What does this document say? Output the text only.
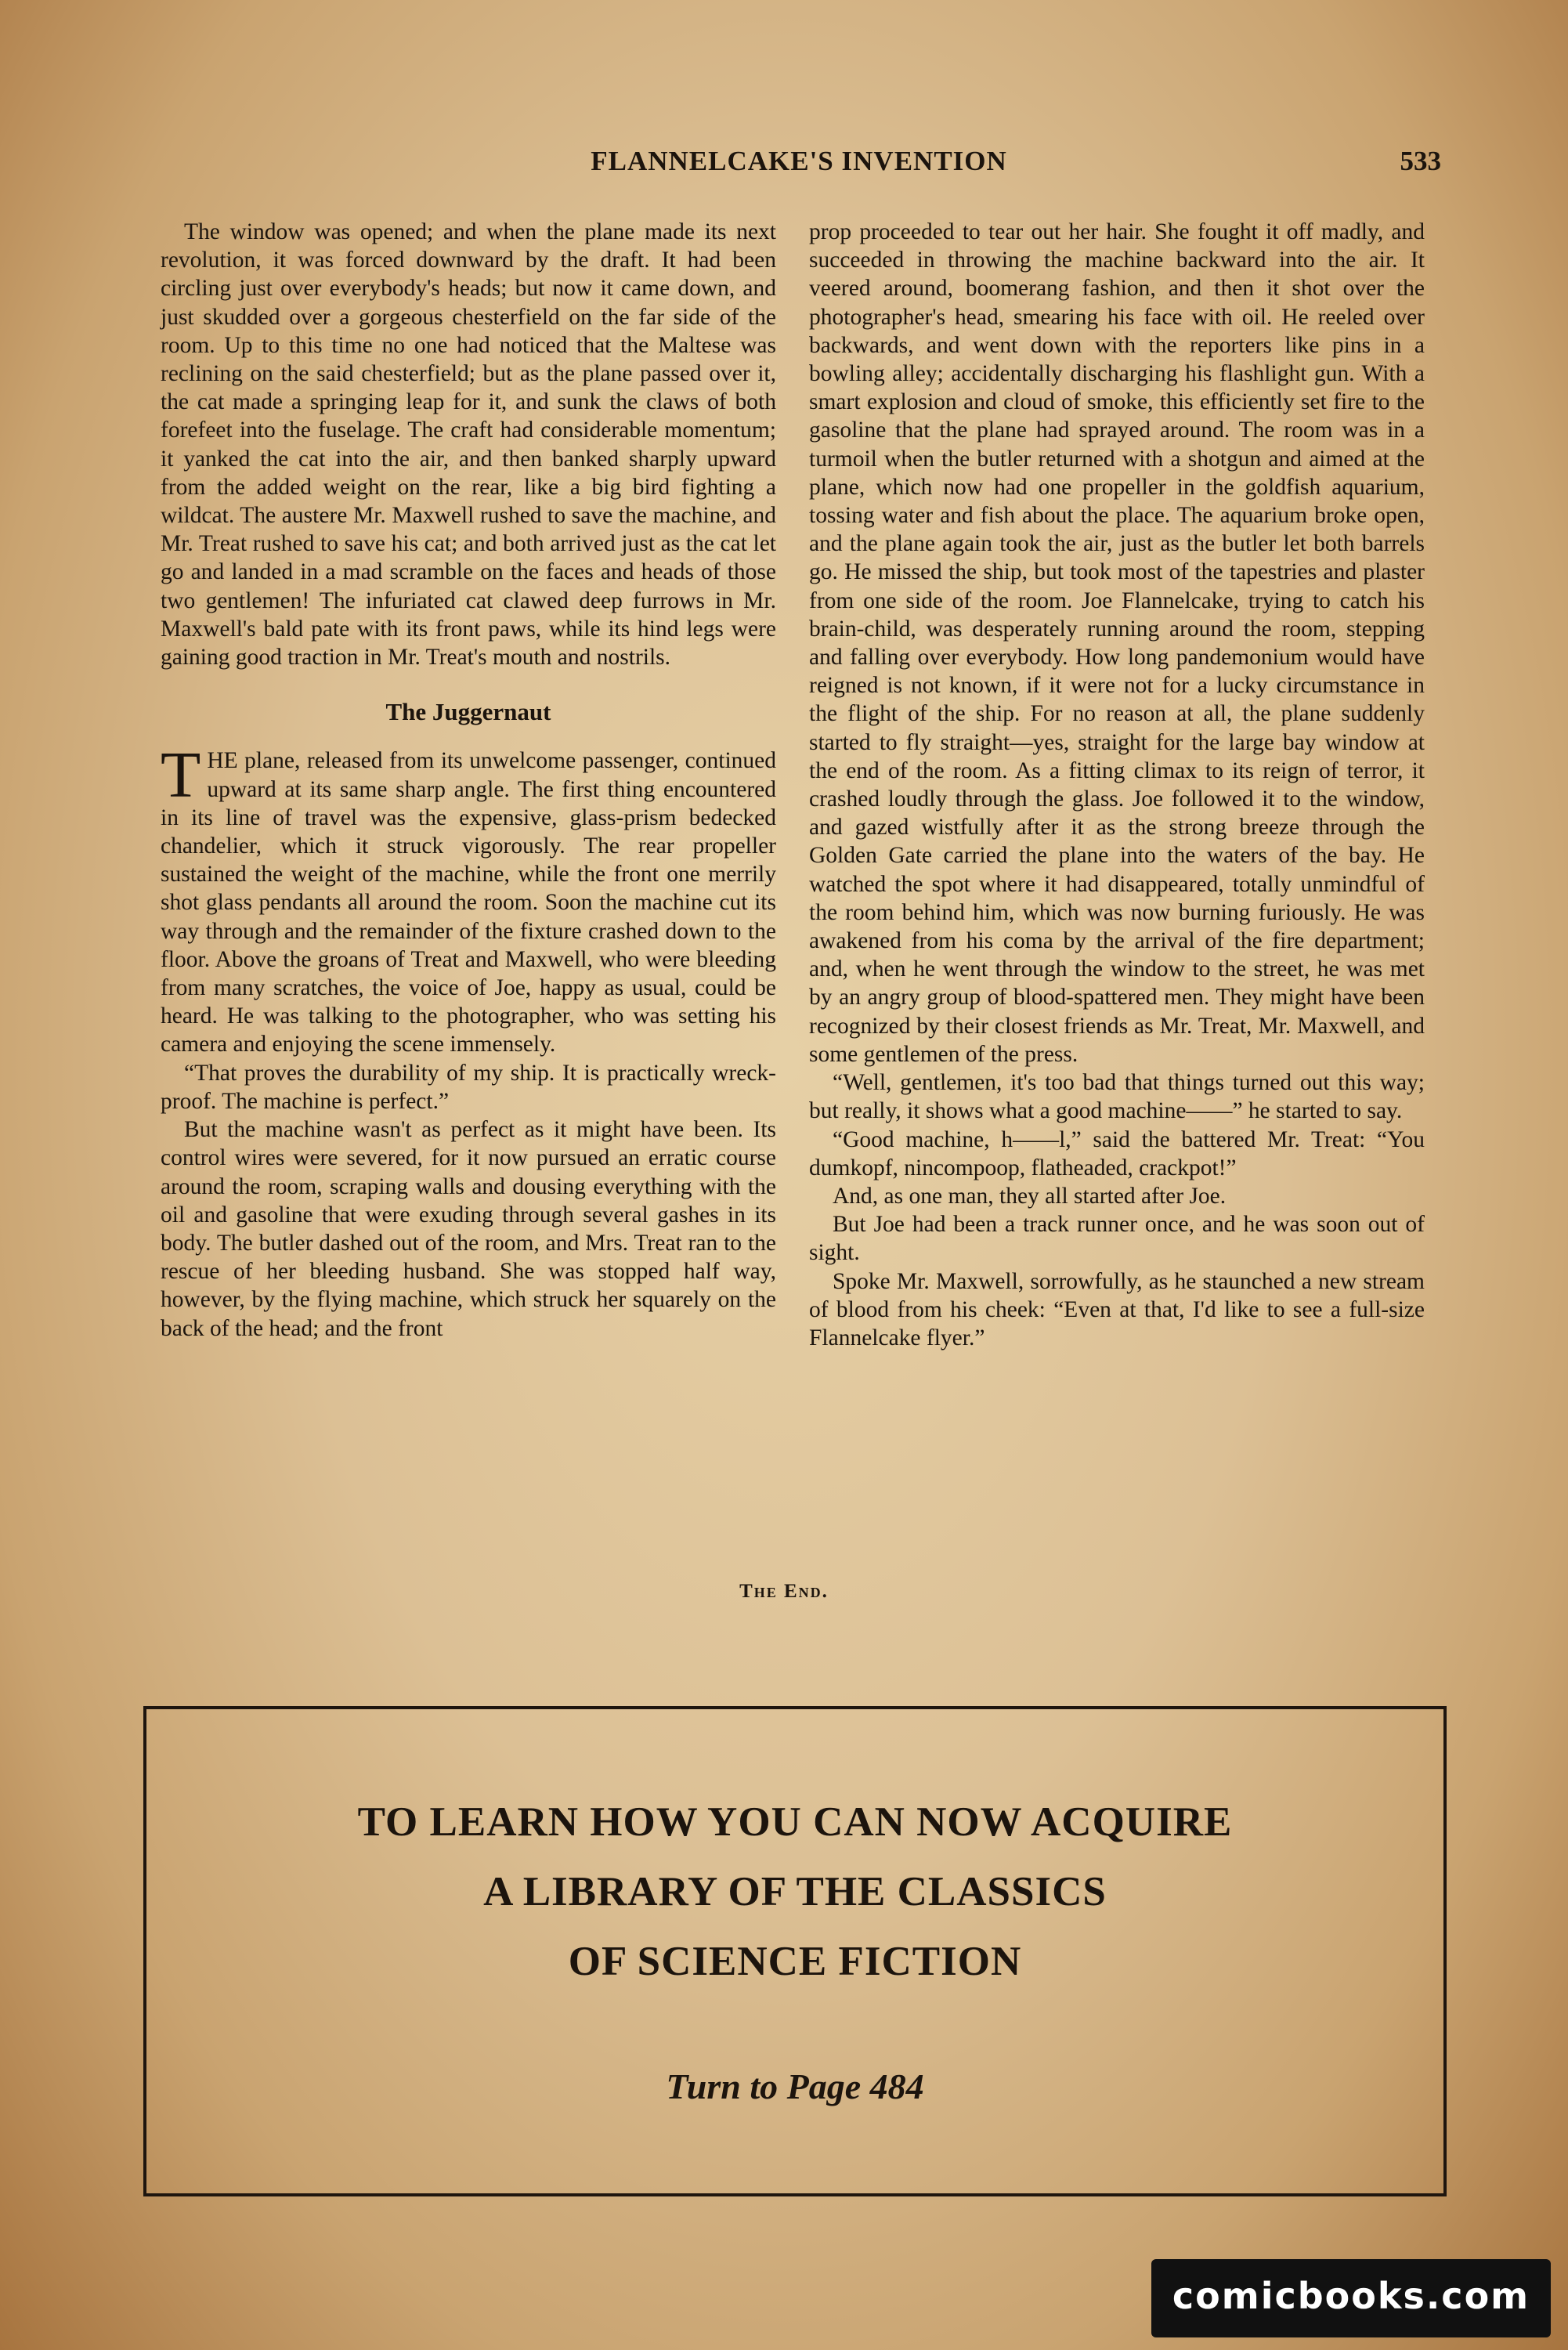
FLANNELCAKE'S INVENTION	533

The window was opened; and when the plane made its next revolution, it was forced downward by the draft. It had been circling just over everybody's heads; but now it came down, and just skudded over a gorgeous chesterfield on the far side of the room. Up to this time no one had noticed that the Maltese was reclining on the said chesterfield; but as the plane passed over it, the cat made a springing leap for it, and sunk the claws of both forefeet into the fuselage. The craft had considerable momentum; it yanked the cat into the air, and then banked sharply upward from the added weight on the rear, like a big bird fighting a wildcat. The austere Mr. Maxwell rushed to save the machine, and Mr. Treat rushed to save his cat; and both arrived just as the cat let go and landed in a mad scramble on the faces and heads of those two gentlemen! The infuriated cat clawed deep furrows in Mr. Maxwell's bald pate with its front paws, while its hind legs were gaining good traction in Mr. Treat's mouth and nostrils.

The Juggernaut

THE plane, released from its unwelcome passenger, continued upward at its same sharp angle. The first thing encountered in its line of travel was the expensive, glass-prism bedecked chandelier, which it struck vigorously. The rear propeller sustained the weight of the machine, while the front one merrily shot glass pendants all around the room. Soon the machine cut its way through and the remainder of the fixture crashed down to the floor. Above the groans of Treat and Maxwell, who were bleeding from many scratches, the voice of Joe, happy as usual, could be heard. He was talking to the photographer, who was setting his camera and enjoying the scene immensely.

“That proves the durability of my ship. It is practically wreck-proof. The machine is perfect.”

But the machine wasn't as perfect as it might have been. Its control wires were severed, for it now pursued an erratic course around the room, scraping walls and dousing everything with the oil and gasoline that were exuding through several gashes in its body. The butler dashed out of the room, and Mrs. Treat ran to the rescue of her bleeding husband. She was stopped half way, however, by the flying machine, which struck her squarely on the back of the head; and the front

prop proceeded to tear out her hair. She fought it off madly, and succeeded in throwing the machine backward into the air. It veered around, boomerang fashion, and then it shot over the photographer's head, smearing his face with oil. He reeled over backwards, and went down with the reporters like pins in a bowling alley; accidentally discharging his flashlight gun. With a smart explosion and cloud of smoke, this efficiently set fire to the gasoline that the plane had sprayed around. The room was in a turmoil when the butler returned with a shotgun and aimed at the plane, which now had one propeller in the goldfish aquarium, tossing water and fish about the place. The aquarium broke open, and the plane again took the air, just as the butler let both barrels go. He missed the ship, but took most of the tapestries and plaster from one side of the room. Joe Flannelcake, trying to catch his brain-child, was desperately running around the room, stepping and falling over everybody. How long pandemonium would have reigned is not known, if it were not for a lucky circumstance in the flight of the ship. For no reason at all, the plane suddenly started to fly straight—yes, straight for the large bay window at the end of the room. As a fitting climax to its reign of terror, it crashed loudly through the glass. Joe followed it to the window, and gazed wistfully after it as the strong breeze through the Golden Gate carried the plane into the waters of the bay. He watched the spot where it had disappeared, totally unmindful of the room behind him, which was now burning furiously. He was awakened from his coma by the arrival of the fire department; and, when he went through the window to the street, he was met by an angry group of blood-spattered men. They might have been recognized by their closest friends as Mr. Treat, Mr. Maxwell, and some gentlemen of the press.

“Well, gentlemen, it's too bad that things turned out this way; but really, it shows what a good machine——” he started to say.

“Good machine, h——l,” said the battered Mr. Treat: “You dumkopf, nincompoop, flatheaded, crackpot!”

And, as one man, they all started after Joe.

But Joe had been a track runner once, and he was soon out of sight.

Spoke Mr. Maxwell, sorrowfully, as he staunched a new stream of blood from his cheek: “Even at that, I'd like to see a full-size Flannelcake flyer.”

The End.
TO LEARN HOW YOU CAN NOW ACQUIRE
A LIBRARY OF THE CLASSICS
OF SCIENCE FICTION
Turn to Page 484
comicbooks.com
